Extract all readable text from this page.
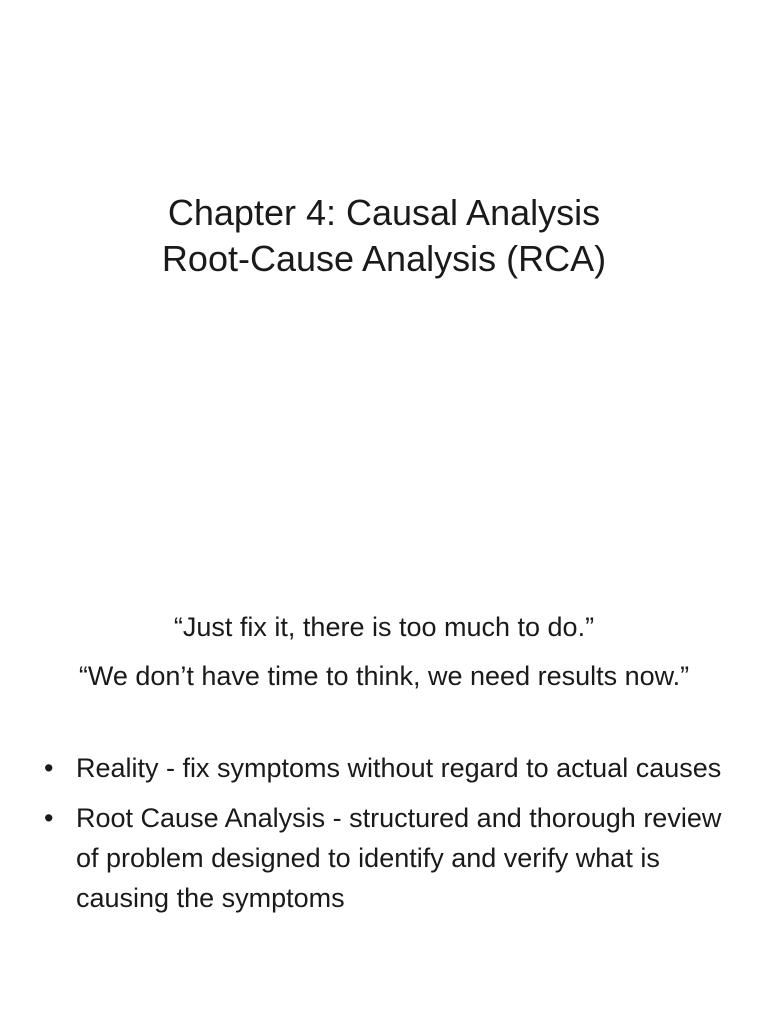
Chapter 4: Causal Analysis
Root-Cause Analysis (RCA)

“Just fix it, there is too much to do.”

“We don’t have time to think, we need results now.”

• Reality - fix symptoms without regard to actual causes
• Root Cause Analysis - structured and thorough review of problem designed to identify and verify what is causing the symptoms
